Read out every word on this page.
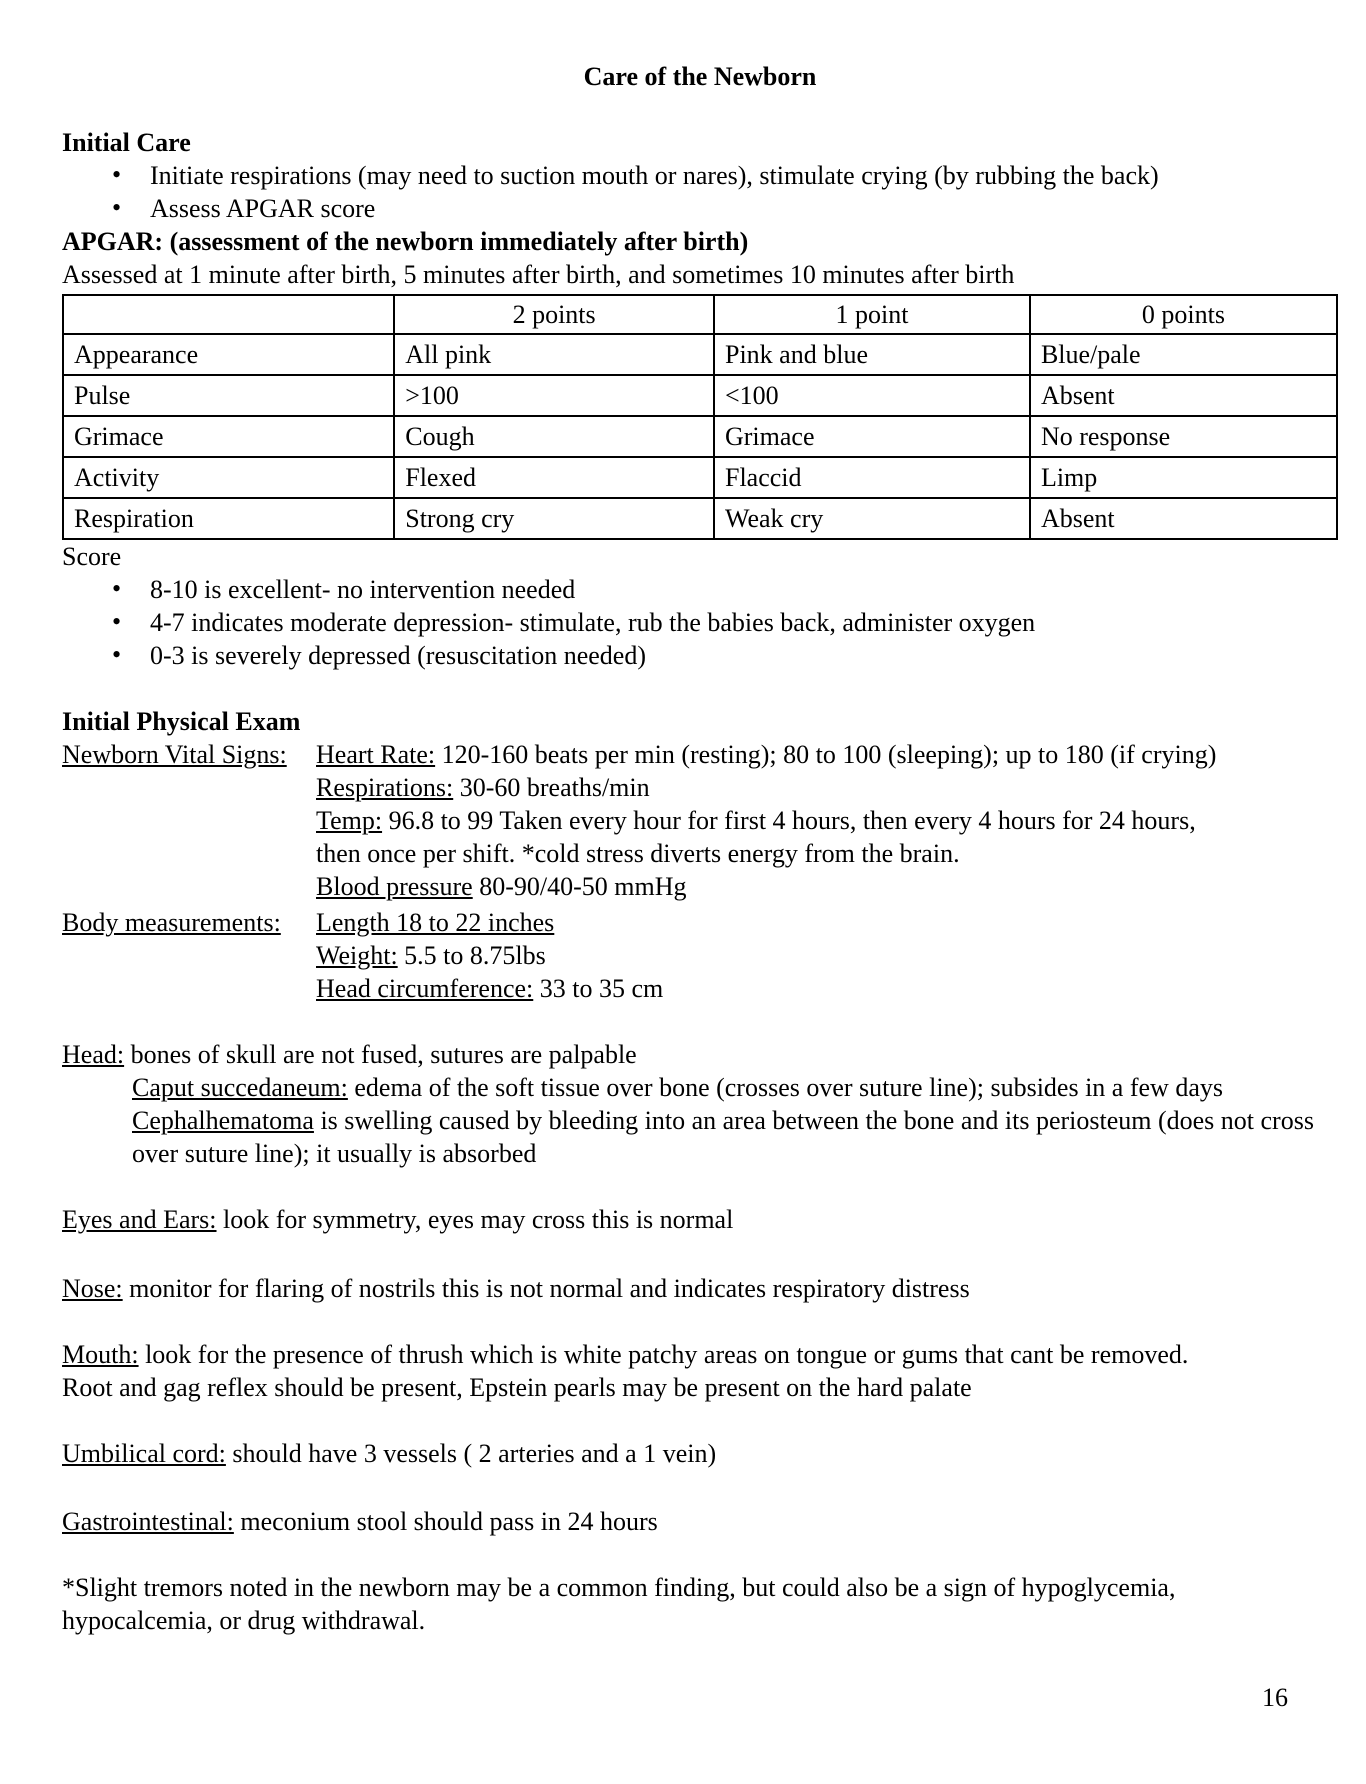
Care of the Newborn
Initial Care
• Initiate respirations (may need to suction mouth or nares), stimulate crying (by rubbing the back)
• Assess APGAR score
APGAR: (assessment of the newborn immediately after birth)
Assessed at 1 minute after birth, 5 minutes after birth, and sometimes 10 minutes after birth
	2 points	1 point	0 points
Appearance	All pink	Pink and blue	Blue/pale
Pulse	>100	<100	Absent
Grimace	Cough	Grimace	No response
Activity	Flexed	Flaccid	Limp
Respiration	Strong cry	Weak cry	Absent
Score
• 8-10 is excellent- no intervention needed
• 4-7 indicates moderate depression- stimulate, rub the babies back, administer oxygen
• 0-3 is severely depressed (resuscitation needed)
Initial Physical Exam
Newborn Vital Signs: Heart Rate: 120-160 beats per min (resting); 80 to 100 (sleeping); up to 180 (if crying)
Respirations: 30-60 breaths/min
Temp: 96.8 to 99 Taken every hour for first 4 hours, then every 4 hours for 24 hours,
then once per shift. *cold stress diverts energy from the brain.
Blood pressure 80-90/40-50 mmHg
Body measurements: Length 18 to 22 inches
Weight: 5.5 to 8.75lbs
Head circumference: 33 to 35 cm
Head: bones of skull are not fused, sutures are palpable
Caput succedaneum: edema of the soft tissue over bone (crosses over suture line); subsides in a few days
Cephalhematoma is swelling caused by bleeding into an area between the bone and its periosteum (does not cross over suture line); it usually is absorbed
Eyes and Ears: look for symmetry, eyes may cross this is normal
Nose: monitor for flaring of nostrils this is not normal and indicates respiratory distress
Mouth: look for the presence of thrush which is white patchy areas on tongue or gums that cant be removed.
Root and gag reflex should be present, Epstein pearls may be present on the hard palate
Umbilical cord: should have 3 vessels ( 2 arteries and a 1 vein)
Gastrointestinal: meconium stool should pass in 24 hours
*Slight tremors noted in the newborn may be a common finding, but could also be a sign of hypoglycemia,
hypocalcemia, or drug withdrawal.
16
